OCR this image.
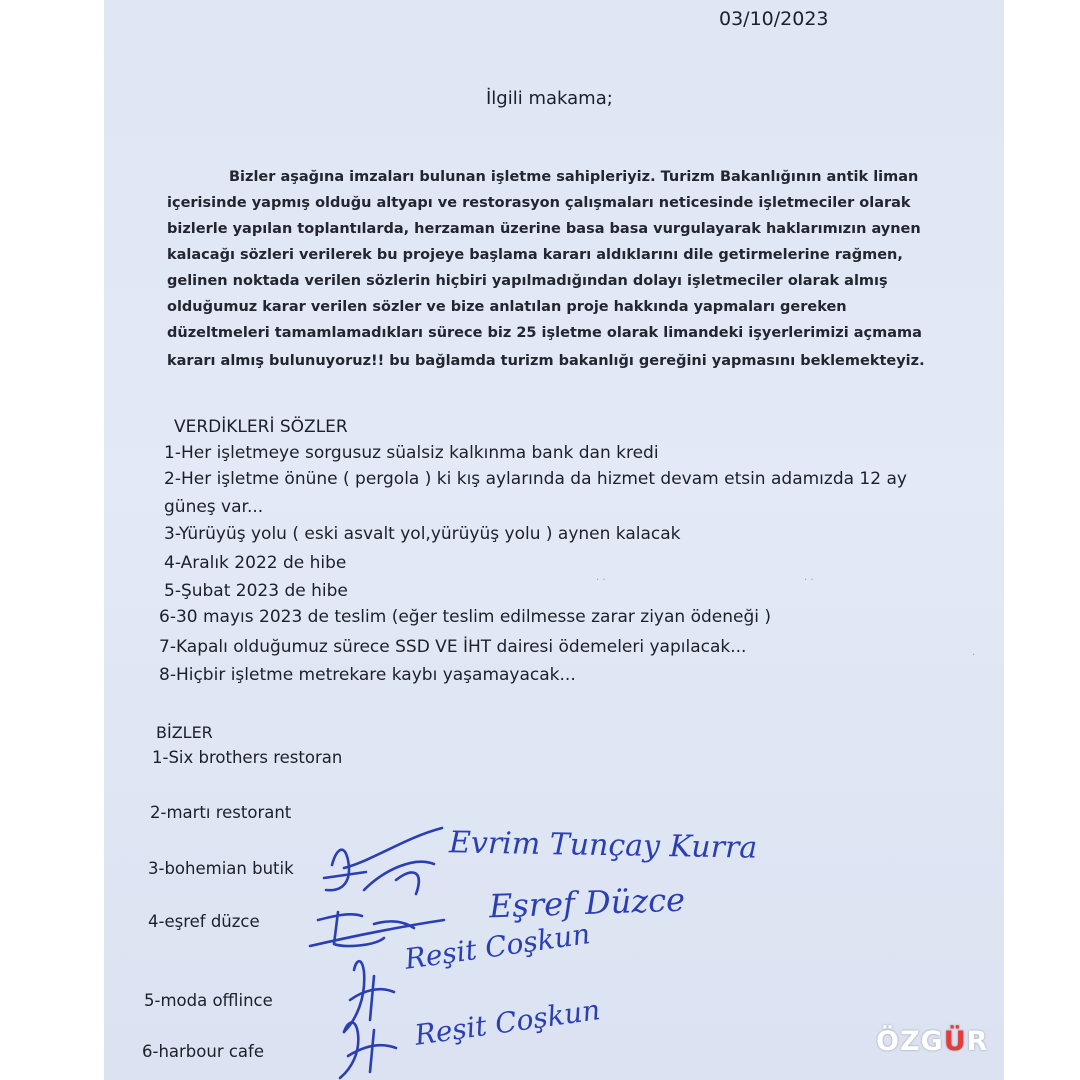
03/10/2023
İlgili makama;
Bizler aşağına imzaları bulunan işletme sahipleriyiz. Turizm Bakanlığının antik liman
içerisinde yapmış olduğu altyapı ve restorasyon çalışmaları neticesinde işletmeciler olarak
bizlerle yapılan toplantılarda, herzaman üzerine basa basa vurgulayarak haklarımızın aynen
kalacağı sözleri verilerek bu projeye başlama kararı aldıklarını dile getirmelerine rağmen,
gelinen noktada verilen sözlerin hiçbiri yapılmadığından dolayı işletmeciler olarak almış
olduğumuz karar verilen sözler ve bize anlatılan proje hakkında yapmaları gereken
düzeltmeleri tamamlamadıkları sürece biz 25 işletme olarak limandeki işyerlerimizi açmama
kararı almış bulunuyoruz!! bu bağlamda turizm bakanlığı gereğini yapmasını beklemekteyiz.
VERDİKLERİ SÖZLER
1-Her işletmeye sorgusuz süalsiz kalkınma bank dan kredi
2-Her işletme önüne ( pergola ) ki kış aylarında da hizmet devam etsin adamızda 12 ay
güneş var...
3-Yürüyüş yolu ( eski asvalt yol,yürüyüş yolu ) aynen kalacak
4-Aralık 2022 de hibe
5-Şubat 2023 de hibe
6-30 mayıs 2023 de teslim (eğer teslim edilmesse zarar ziyan ödeneği )
7-Kapalı olduğumuz sürece SSD VE İHT dairesi ödemeleri yapılacak...
8-Hiçbir işletme metrekare kaybı yaşamayacak...
· ·	· ·
·
BİZLER
1-Six brothers restoran
2-martı restorant
3-bohemian butik
4-eşref düzce
5-moda offlince
6-harbour cafe
Evrim Tunçay Kurra
Eşref Düzce
Reşit Coşkun
Reşit Coşkun	ÖZGÜR
